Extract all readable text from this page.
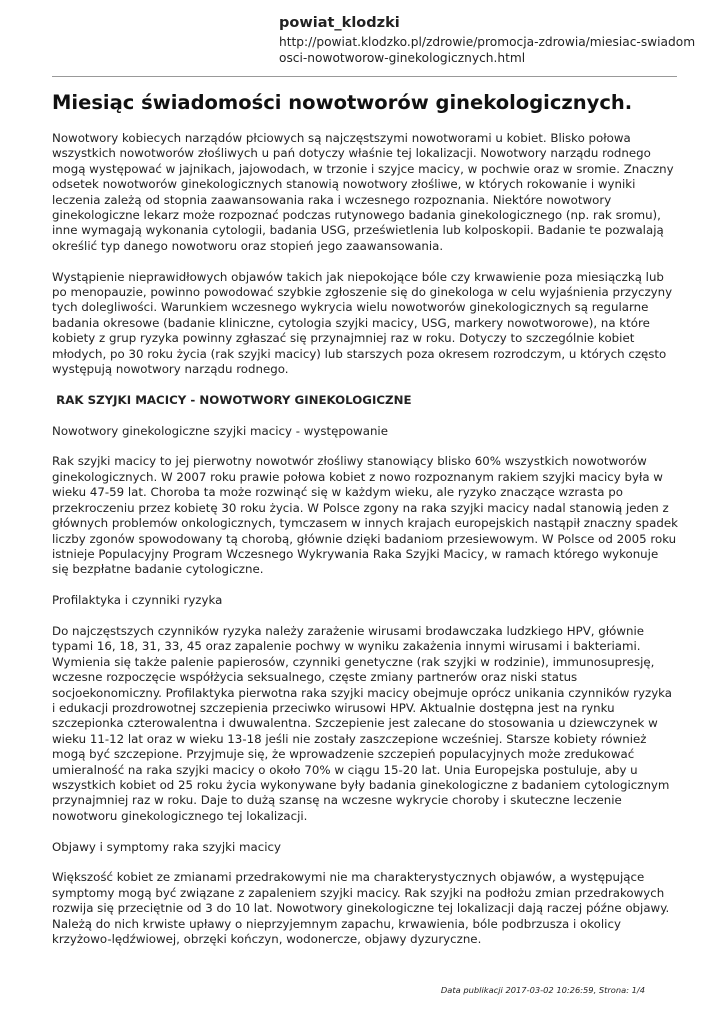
powiat_klodzki

http://powiat.klodzko.pl/zdrowie/promocja-zdrowia/miesiac-swiadomosci-nowotworow-ginekologicznych.html

Miesiąc świadomości nowotworów ginekologicznych.

Nowotwory kobiecych narządów płciowych są najczęstszymi nowotworami u kobiet. Blisko połowa wszystkich nowotworów złośliwych u pań dotyczy właśnie tej lokalizacji. Nowotwory narządu rodnego mogą występować w jajnikach, jajowodach, w trzonie i szyjce macicy, w pochwie oraz w sromie. Znaczny odsetek nowotworów ginekologicznych stanowią nowotwory złośliwe, w których rokowanie i wyniki leczenia zależą od stopnia zaawansowania raka i wczesnego rozpoznania. Niektóre nowotwory ginekologiczne lekarz może rozpoznać podczas rutynowego badania ginekologicznego (np. rak sromu), inne wymagają wykonania cytologii, badania USG, prześwietlenia lub kolposkopii. Badanie te pozwalają określić typ danego nowotworu oraz stopień jego zaawansowania.

Wystąpienie nieprawidłowych objawów takich jak niepokojące bóle czy krwawienie poza miesiączką lub po menopauzie, powinno powodować szybkie zgłoszenie się do ginekologa w celu wyjaśnienia przyczyny tych dolegliwości. Warunkiem wczesnego wykrycia wielu nowotworów ginekologicznych są regularne badania okresowe (badanie kliniczne, cytologia szyjki macicy, USG, markery nowotworowe), na które kobiety z grup ryzyka powinny zgłaszać się przynajmniej raz w roku. Dotyczy to szczególnie kobiet młodych, po 30 roku życia (rak szyjki macicy) lub starszych poza okresem rozrodczym, u których często występują nowotwory narządu rodnego.

RAK SZYJKI MACICY - NOWOTWORY GINEKOLOGICZNE

Nowotwory ginekologiczne szyjki macicy - występowanie

Rak szyjki macicy to jej pierwotny nowotwór złośliwy stanowiący blisko 60% wszystkich nowotworów ginekologicznych. W 2007 roku prawie połowa kobiet z nowo rozpoznanym rakiem szyjki macicy była w wieku 47-59 lat. Choroba ta może rozwinąć się w każdym wieku, ale ryzyko znaczące wzrasta po przekroczeniu przez kobietę 30 roku życia. W Polsce zgony na raka szyjki macicy nadal stanowią jeden z głównych problemów onkologicznych, tymczasem w innych krajach europejskich nastąpił znaczny spadek liczby zgonów spowodowany tą chorobą, głównie dzięki badaniom przesiewowym. W Polsce od 2005 roku istnieje Populacyjny Program Wczesnego Wykrywania Raka Szyjki Macicy, w ramach którego wykonuje się bezpłatne badanie cytologiczne.

Profilaktyka i czynniki ryzyka

Do najczęstszych czynników ryzyka należy zarażenie wirusami brodawczaka ludzkiego HPV, głównie typami 16, 18, 31, 33, 45 oraz zapalenie pochwy w wyniku zakażenia innymi wirusami i bakteriami. Wymienia się także palenie papierosów, czynniki genetyczne (rak szyjki w rodzinie), immunosupresję, wczesne rozpoczęcie współżycia seksualnego, częste zmiany partnerów oraz niski status socjoekonomiczny. Profilaktyka pierwotna raka szyjki macicy obejmuje oprócz unikania czynników ryzyka i edukacji prozdrowotnej szczepienia przeciwko wirusowi HPV. Aktualnie dostępna jest na rynku szczepionka czterowalentna i dwuwalentna. Szczepienie jest zalecane do stosowania u dziewczynek w wieku 11-12 lat oraz w wieku 13-18 jeśli nie zostały zaszczepione wcześniej. Starsze kobiety również mogą być szczepione. Przyjmuje się, że wprowadzenie szczepień populacyjnych może zredukować umieralność na raka szyjki macicy o około 70% w ciągu 15-20 lat. Unia Europejska postuluje, aby u wszystkich kobiet od 25 roku życia wykonywane były badania ginekologiczne z badaniem cytologicznym przynajmniej raz w roku. Daje to dużą szansę na wczesne wykrycie choroby i skuteczne leczenie nowotworu ginekologicznego tej lokalizacji.

Objawy i symptomy raka szyjki macicy

Większość kobiet ze zmianami przedrakowymi nie ma charakterystycznych objawów, a występujące symptomy mogą być związane z zapaleniem szyjki macicy. Rak szyjki na podłożu zmian przedrakowych rozwija się przeciętnie od 3 do 10 lat. Nowotwory ginekologiczne tej lokalizacji dają raczej późne objawy. Należą do nich krwiste upławy o nieprzyjemnym zapachu, krwawienia, bóle podbrzusza i okolicy krzyżowo-lędźwiowej, obrzęki kończyn, wodonercze, objawy dyzuryczne.

Data publikacji 2017-03-02 10:26:59, Strona: 1/4
